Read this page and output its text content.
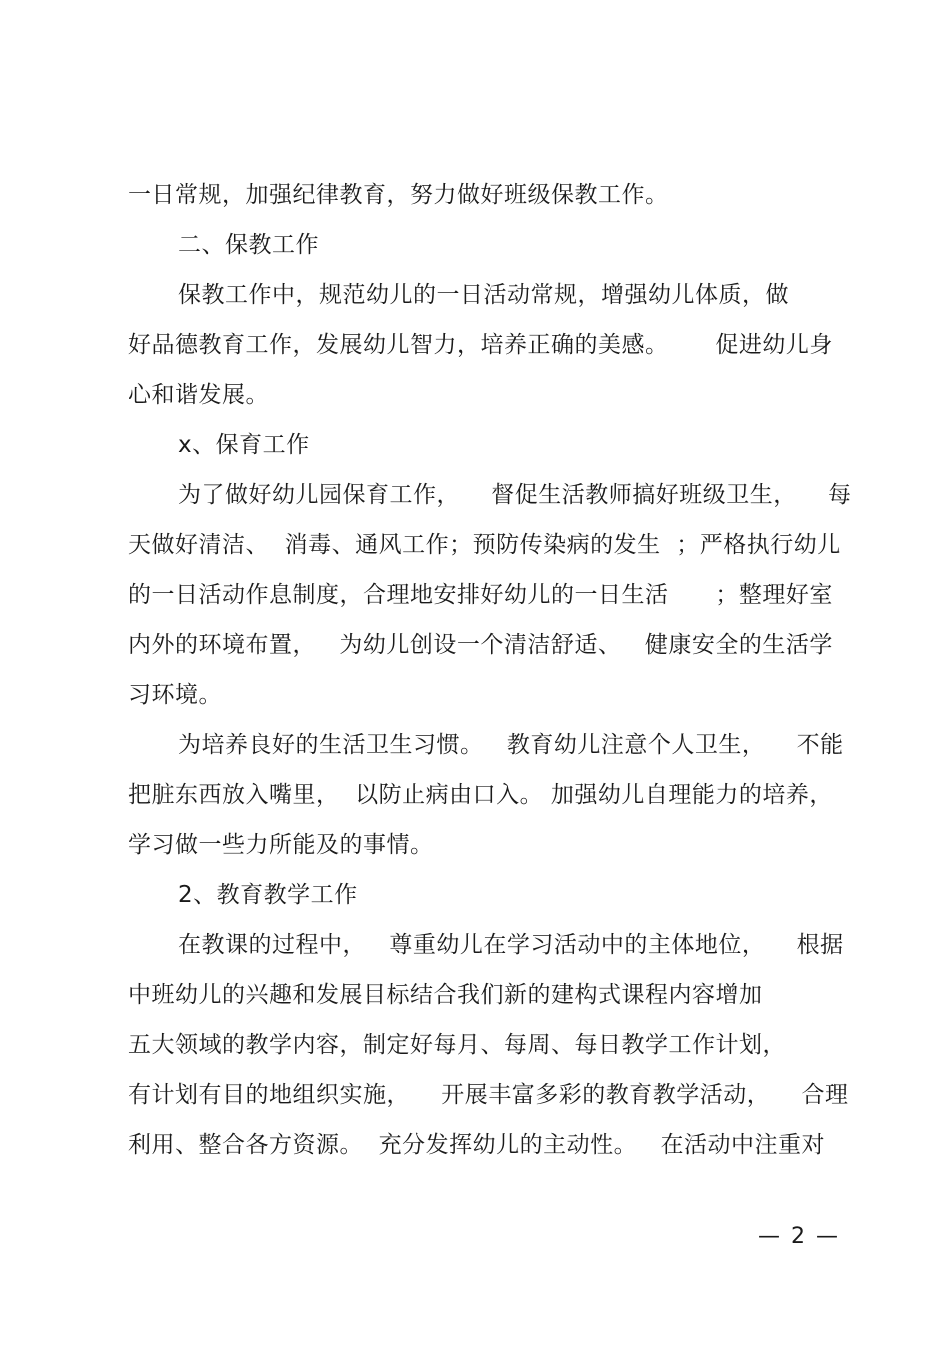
一日常规，加强纪律教育，努力做好班级保教工作。
二、保教工作
保教工作中，规范幼儿的一日活动常规，增强幼儿体质，做
好品德教育工作，发展幼儿智力，培养正确的美感。      促进幼儿身
心和谐发展。
x、保育工作
为了做好幼儿园保育工作，    督促生活教师搞好班级卫生，    每
天做好清洁、  消毒、通风工作；预防传染病的发生  ；严格执行幼儿
的一日活动作息制度，合理地安排好幼儿的一日生活      ；整理好室
内外的环境布置，   为幼儿创设一个清洁舒适、   健康安全的生活学
习环境。
为培养良好的生活卫生习惯。   教育幼儿注意个人卫生，    不能
把脏东西放入嘴里，  以防止病由口入。 加强幼儿自理能力的培养，
学习做一些力所能及的事情。
2、教育教学工作
在教课的过程中，   尊重幼儿在学习活动中的主体地位，    根据
中班幼儿的兴趣和发展目标结合我们新的建构式课程内容增加
五大领域的教学内容，制定好每月、每周、每日教学工作计划，
有计划有目的地组织实施，    开展丰富多彩的教育教学活动，    合理
利用、整合各方资源。  充分发挥幼儿的主动性。   在活动中注重对
— 2 —
